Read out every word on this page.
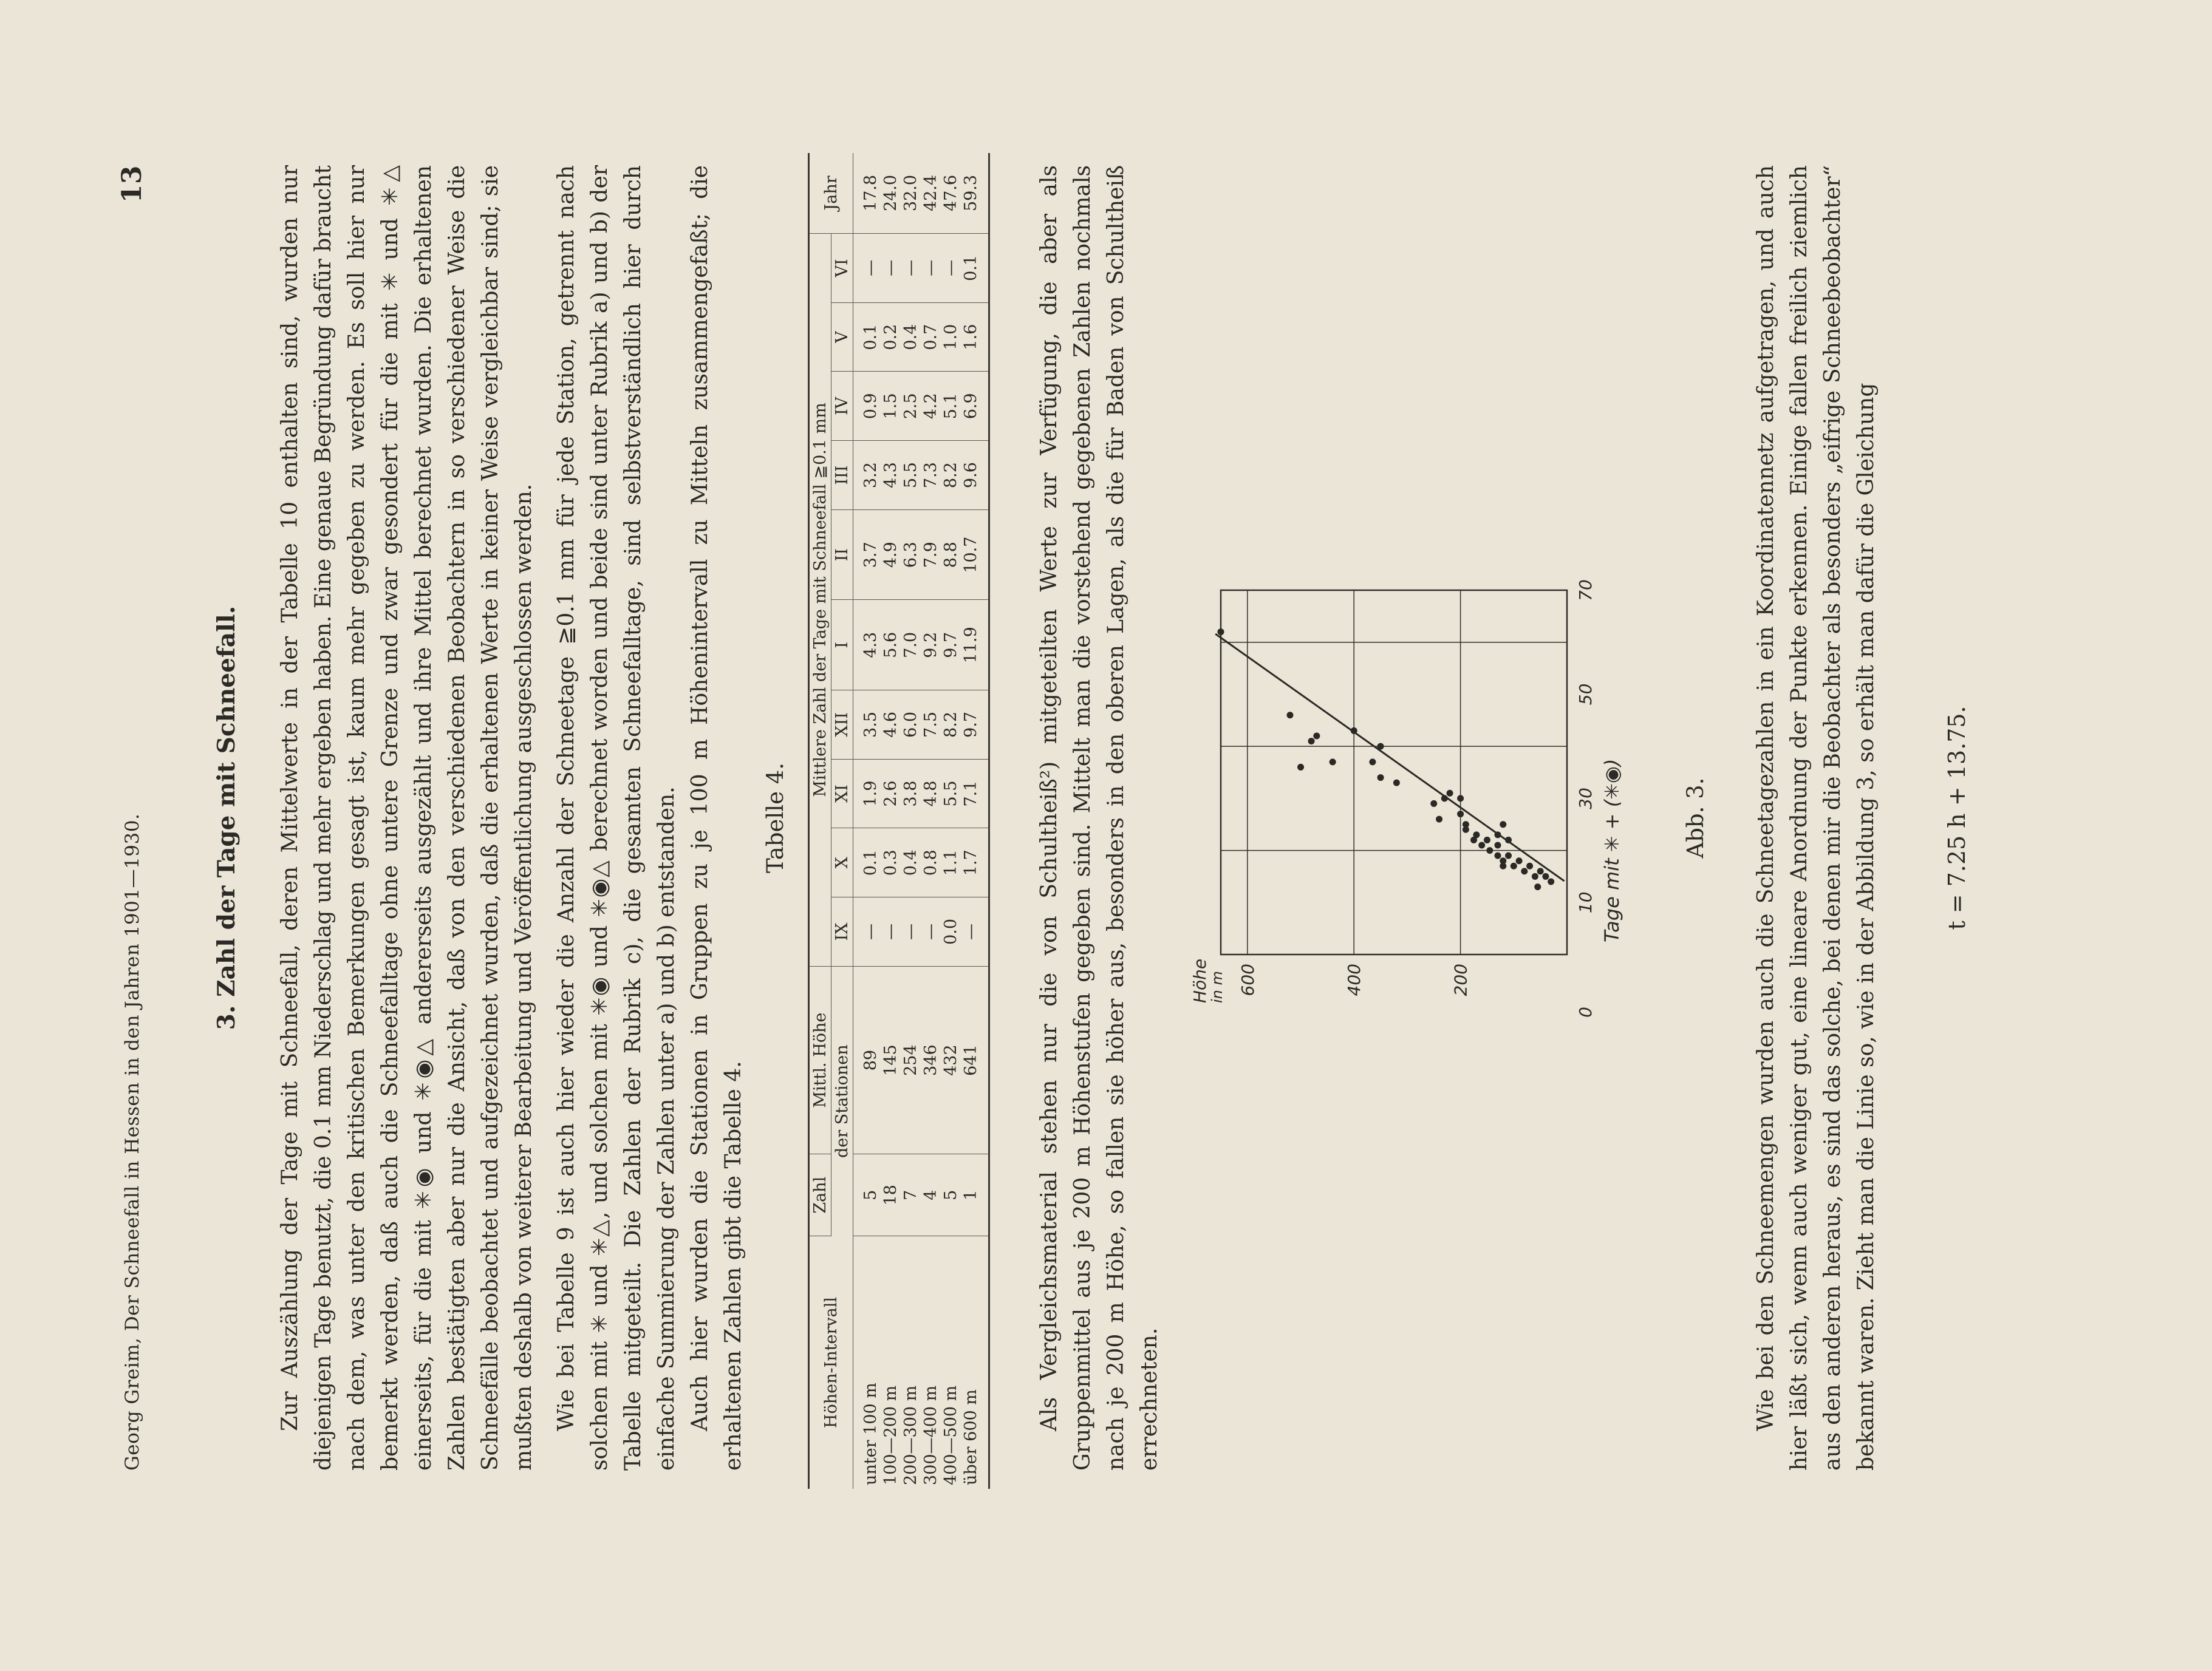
Georg Greim, Der Schneefall in Hessen in den Jahren 1901—1930.
13
3. Zahl der Tage mit Schneefall. Zur Auszählung der Tage mit Schneefall, deren Mittelwerte in der Tabelle 10 enthalten sind, wurden nur diejenigen Tage benutzt, die 0.1 mm Niederschlag und mehr ergeben haben. Eine genaue Begründung dafür braucht nach dem, was unter den kritischen Bemerkungen gesagt ist, kaum mehr gegeben zu werden. Es soll hier nur bemerkt werden, daß auch die Schneefalltage ohne untere Grenze und zwar gesondert für die mit ✳ und ✳△ einerseits, für die mit ✳◉ und ✳◉△ andererseits ausgezählt und ihre Mittel berechnet wurden. Die erhaltenen Zahlen bestätigten aber nur die Ansicht, daß von den verschiedenen Beobachtern in so verschiedener Weise die Schneefälle beobachtet und aufgezeichnet wurden, daß die erhaltenen Werte in keiner Weise vergleichbar sind; sie mußten deshalb von weiterer Bearbeitung und Veröffentlichung ausgeschlossen werden. Wie bei Tabelle 9 ist auch hier wieder die Anzahl der Schneetage ≧0.1 mm für jede Station, getrennt nach solchen mit ✳ und ✳△, und solchen mit ✳◉ und ✳◉△ berechnet worden und beide sind unter Rubrik a) und b) der Tabelle mitgeteilt. Die Zahlen der Rubrik c), die gesamten Schneefalltage, sind selbstverständlich hier durch einfache Summierung der Zahlen unter a) und b) entstanden. Auch hier wurden die Stationen in Gruppen zu je 100 m Höhenintervall zu Mitteln zusammengefaßt; die erhaltenen Zahlen gibt die Tabelle 4.

Tabelle 4.
Höhen-Intervall	Zahl	Mittl. Höhe	Mittlere Zahl der Tage mit Schneefall ≧0.1 mm										Jahr
	der Stationen		IX	X	XI	XII	I	II	III	IV	V	VI	
unter 100 m	5	89	—	0.1	1.9	3.5	4.3	3.7	3.2	0.9	0.1	—	17.8
100—200 m	18	145	—	0.3	2.6	4.6	5.6	4.9	4.3	1.5	0.2	—	24.0
200—300 m	7	254	—	0.4	3.8	6.0	7.0	6.3	5.5	2.5	0.4	—	32.0
300—400 m	4	346	—	0.8	4.8	7.5	9.2	7.9	7.3	4.2	0.7	—	42.4
400—500 m	5	432	0.0	1.1	5.5	8.2	9.7	8.8	8.2	5.1	1.0	—	47.6
über 600 m	1	641	—	1.7	7.1	9.7	11.9	10.7	9.6	6.9	1.6	0.1	59.3	Als Vergleichsmaterial stehen nur die von Schultheiß²) mitgeteilten Werte zur Verfügung, die aber als Gruppenmittel aus je 200 m Höhenstufen gegeben sind. Mittelt man die vorstehend gegebenen Zahlen nochmals nach je 200 m Höhe, so fallen sie höher aus, besonders in den oberen Lagen, als die für Baden von Schultheiß errechneten.

0
10
30
50
70
200
400
600
Höhe
in m
Tage mit ✳ + (✳◉)	Abb. 3. Wie bei den Schneemengen wurden auch die Schneetagezahlen in ein Koordinatennetz aufgetragen, und auch hier läßt sich, wenn auch weniger gut, eine lineare Anordnung der Punkte erkennen. Einige fallen freilich ziemlich aus den anderen heraus, es sind das solche, bei denen mir die Beobachter als besonders „eifrige Schneebeobachter“ bekannt waren. Zieht man die Linie so, wie in der Abbildung 3, so erhält man dafür die Gleichung	t = 7.25 h + 13.75.
